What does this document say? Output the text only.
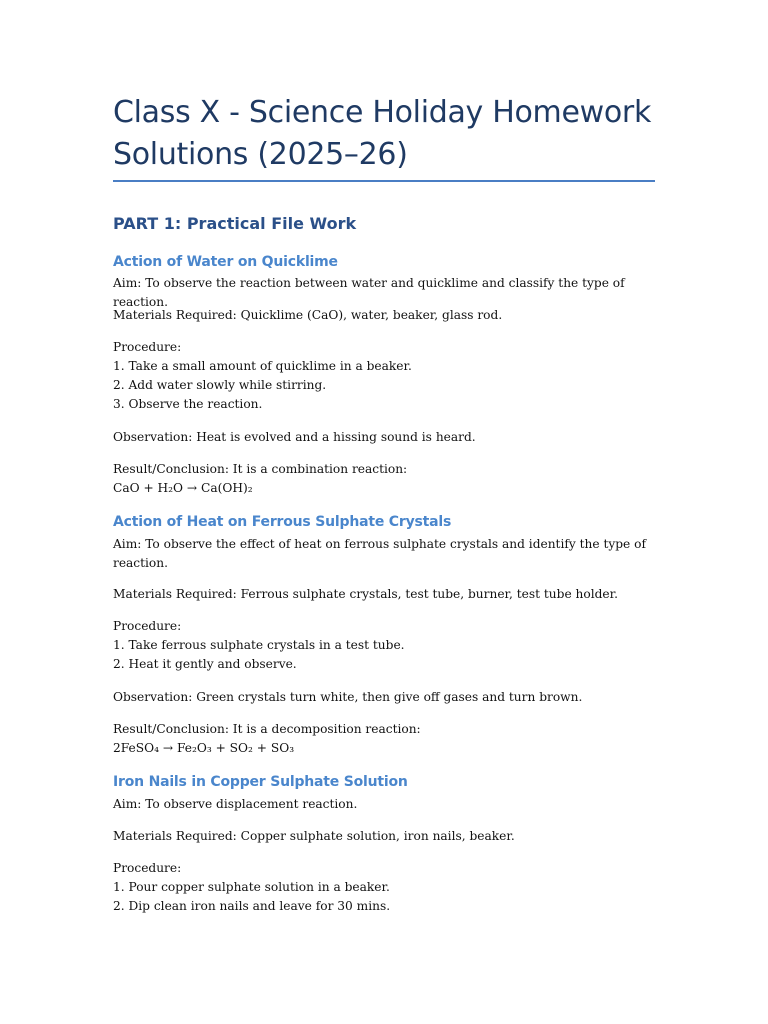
Class X - Science Holiday Homework
Solutions (2025–26)
PART 1: Practical File Work
Action of Water on Quicklime

Aim: To observe the reaction between water and quicklime and classify the type of reaction.

Materials Required: Quicklime (CaO), water, beaker, glass rod.

Procedure:
1. Take a small amount of quicklime in a beaker.
2. Add water slowly while stirring.
3. Observe the reaction.

Observation: Heat is evolved and a hissing sound is heard.

Result/Conclusion: It is a combination reaction:
CaO + H₂O → Ca(OH)₂
Action of Heat on Ferrous Sulphate Crystals
Aim: To observe the effect of heat on ferrous sulphate crystals and identify the type of
reaction.

Materials Required: Ferrous sulphate crystals, test tube, burner, test tube holder.

Procedure:
1. Take ferrous sulphate crystals in a test tube.
2. Heat it gently and observe.

Observation: Green crystals turn white, then give off gases and turn brown.

Result/Conclusion: It is a decomposition reaction:
2FeSO₄ → Fe₂O₃ + SO₂ + SO₃
Iron Nails in Copper Sulphate Solution

Aim: To observe displacement reaction.

Materials Required: Copper sulphate solution, iron nails, beaker.

Procedure:
1. Pour copper sulphate solution in a beaker.
2. Dip clean iron nails and leave for 30 mins.
